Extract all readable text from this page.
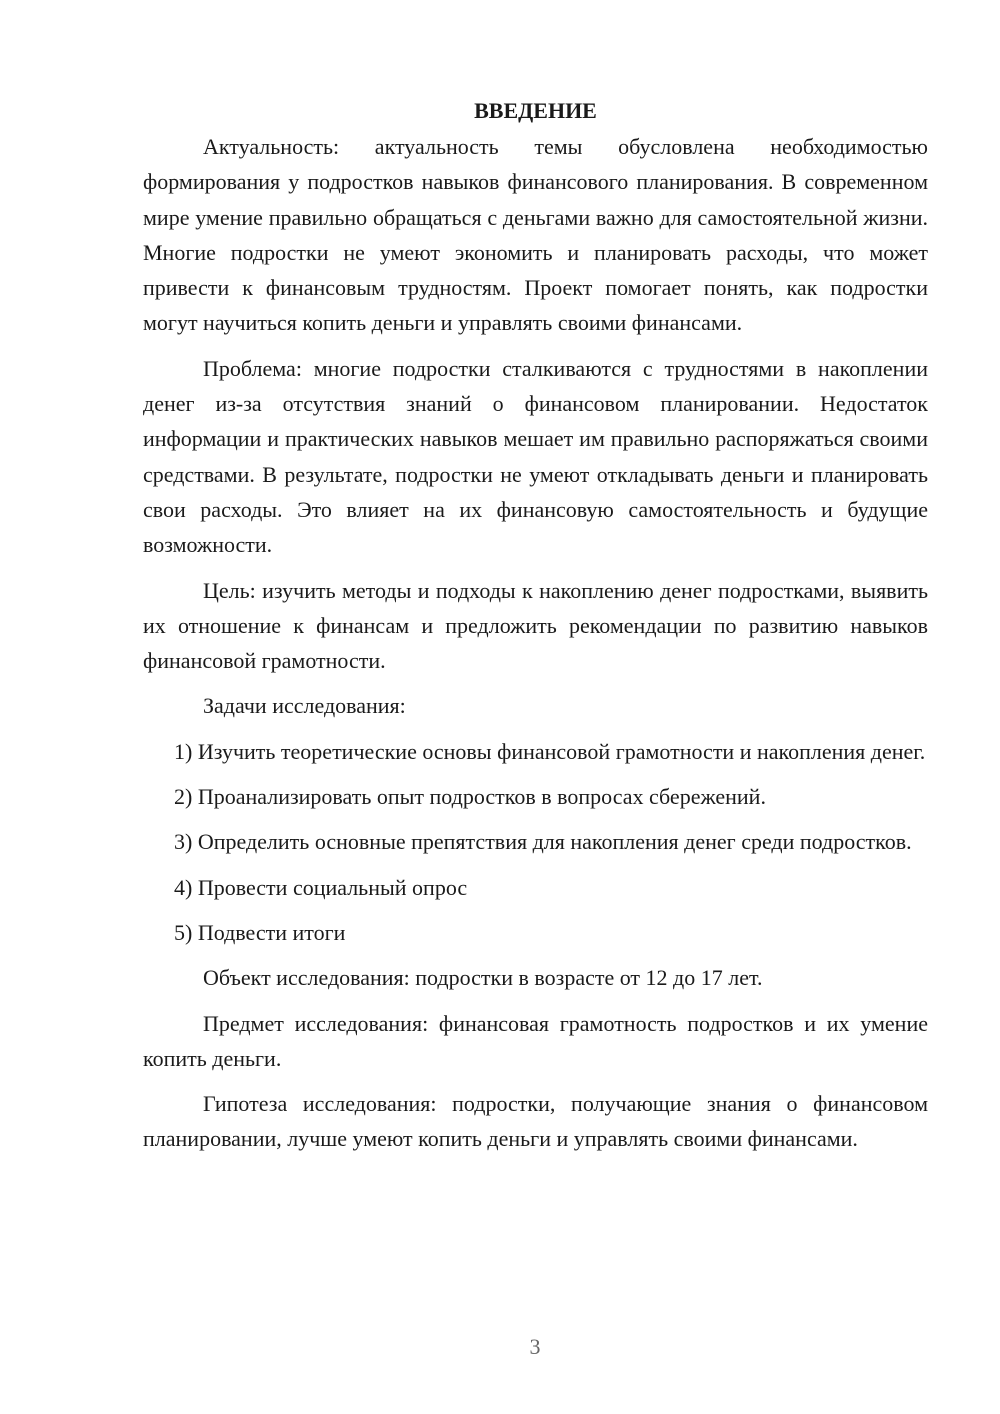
ВВЕДЕНИЕ

Актуальность: актуальность темы обусловлена необходимостью формирования у подростков навыков финансового планирования. В современном мире умение правильно обращаться с деньгами важно для самостоятельной жизни. Многие подростки не умеют экономить и планировать расходы, что может привести к финансовым трудностям. Проект помогает понять, как подростки могут научиться копить деньги и управлять своими финансами.

Проблема: многие подростки сталкиваются с трудностями в накоплении денег из-за отсутствия знаний о финансовом планировании. Недостаток информации и практических навыков мешает им правильно распоряжаться своими средствами. В результате, подростки не умеют откладывать деньги и планировать свои расходы. Это влияет на их финансовую самостоятельность и будущие возможности.

Цель: изучить методы и подходы к накоплению денег подростками, выявить их отношение к финансам и предложить рекомендации по развитию навыков финансовой грамотности.

Задачи исследования:

1) Изучить теоретические основы финансовой грамотности и накопления денег.

2) Проанализировать опыт подростков в вопросах сбережений.

3) Определить основные препятствия для накопления денег среди подростков.

4) Провести социальный опрос

5) Подвести итоги

Объект исследования: подростки в возрасте от 12 до 17 лет.

Предмет исследования: финансовая грамотность подростков и их умение копить деньги.

Гипотеза исследования: подростки, получающие знания о финансовом планировании, лучше умеют копить деньги и управлять своими финансами.

3
